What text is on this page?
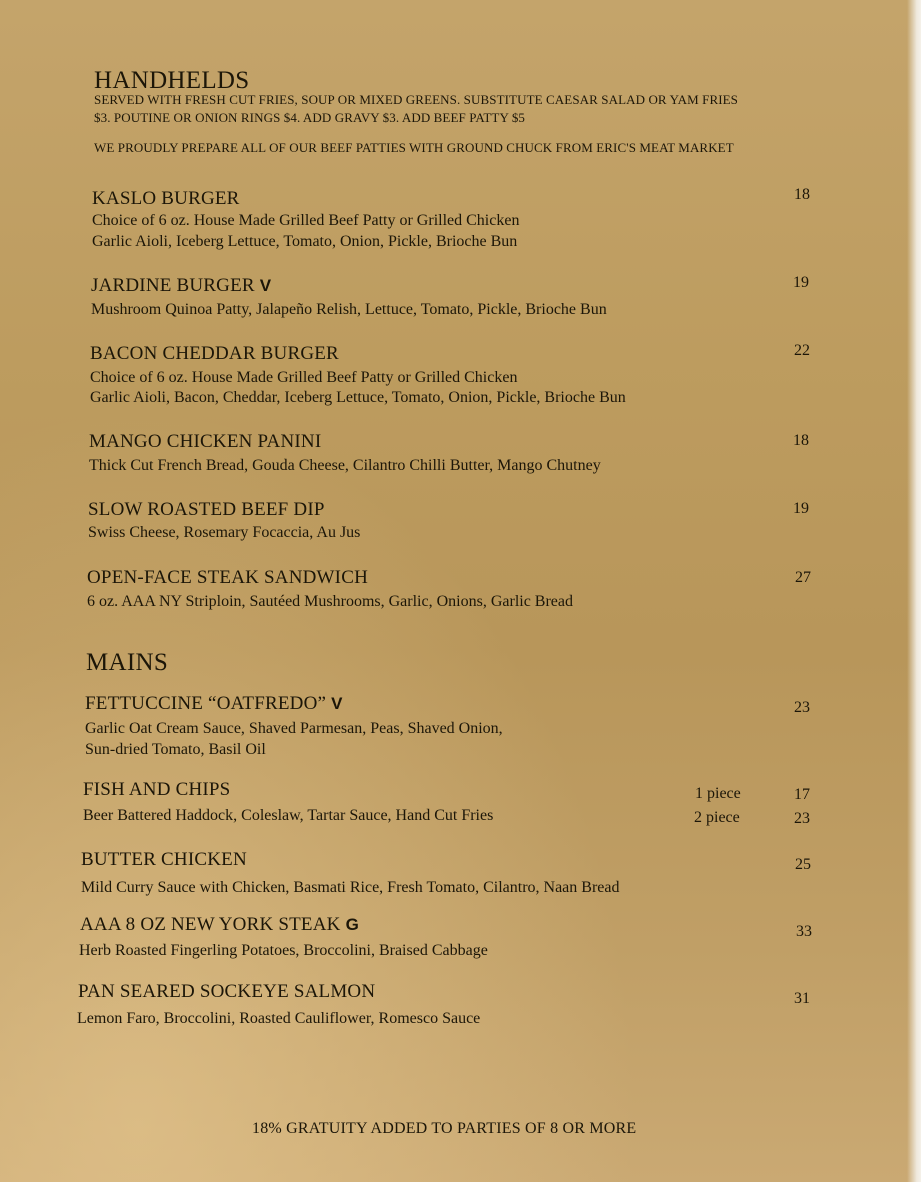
HANDHELDS
SERVED WITH FRESH CUT FRIES, SOUP OR MIXED GREENS. SUBSTITUTE CAESAR SALAD OR YAM FRIES
$3. POUTINE OR ONION RINGS $4. ADD GRAVY $3. ADD BEEF PATTY $5
WE PROUDLY PREPARE ALL OF OUR BEEF PATTIES WITH GROUND CHUCK FROM ERIC'S MEAT MARKET
KASLO BURGER	18
Choice of 6 oz. House Made Grilled Beef Patty or Grilled Chicken
Garlic Aioli, Iceberg Lettuce, Tomato, Onion, Pickle, Brioche Bun
JARDINE BURGER V	19
Mushroom Quinoa Patty, Jalapeño Relish, Lettuce, Tomato, Pickle, Brioche Bun
BACON CHEDDAR BURGER	22
Choice of 6 oz. House Made Grilled Beef Patty or Grilled Chicken
Garlic Aioli, Bacon, Cheddar, Iceberg Lettuce, Tomato, Onion, Pickle, Brioche Bun
MANGO CHICKEN PANINI	18
Thick Cut French Bread, Gouda Cheese, Cilantro Chilli Butter, Mango Chutney
SLOW ROASTED BEEF DIP	19
Swiss Cheese, Rosemary Focaccia, Au Jus
OPEN-FACE STEAK SANDWICH	27
6 oz. AAA NY Striploin, Sautéed Mushrooms, Garlic, Onions, Garlic Bread
MAINS
FETTUCCINE “OATFREDO” V	23
Garlic Oat Cream Sauce, Shaved Parmesan, Peas, Shaved Onion,
Sun-dried Tomato, Basil Oil
FISH AND CHIPS
Beer Battered Haddock, Coleslaw, Tartar Sauce, Hand Cut Fries
1 piece	17
2 piece	23
BUTTER CHICKEN	25
Mild Curry Sauce with Chicken, Basmati Rice, Fresh Tomato, Cilantro, Naan Bread
AAA 8 OZ NEW YORK STEAK G	33
Herb Roasted Fingerling Potatoes, Broccolini, Braised Cabbage
PAN SEARED SOCKEYE SALMON	31
Lemon Faro, Broccolini, Roasted Cauliflower, Romesco Sauce
18% GRATUITY ADDED TO PARTIES OF 8 OR MORE
